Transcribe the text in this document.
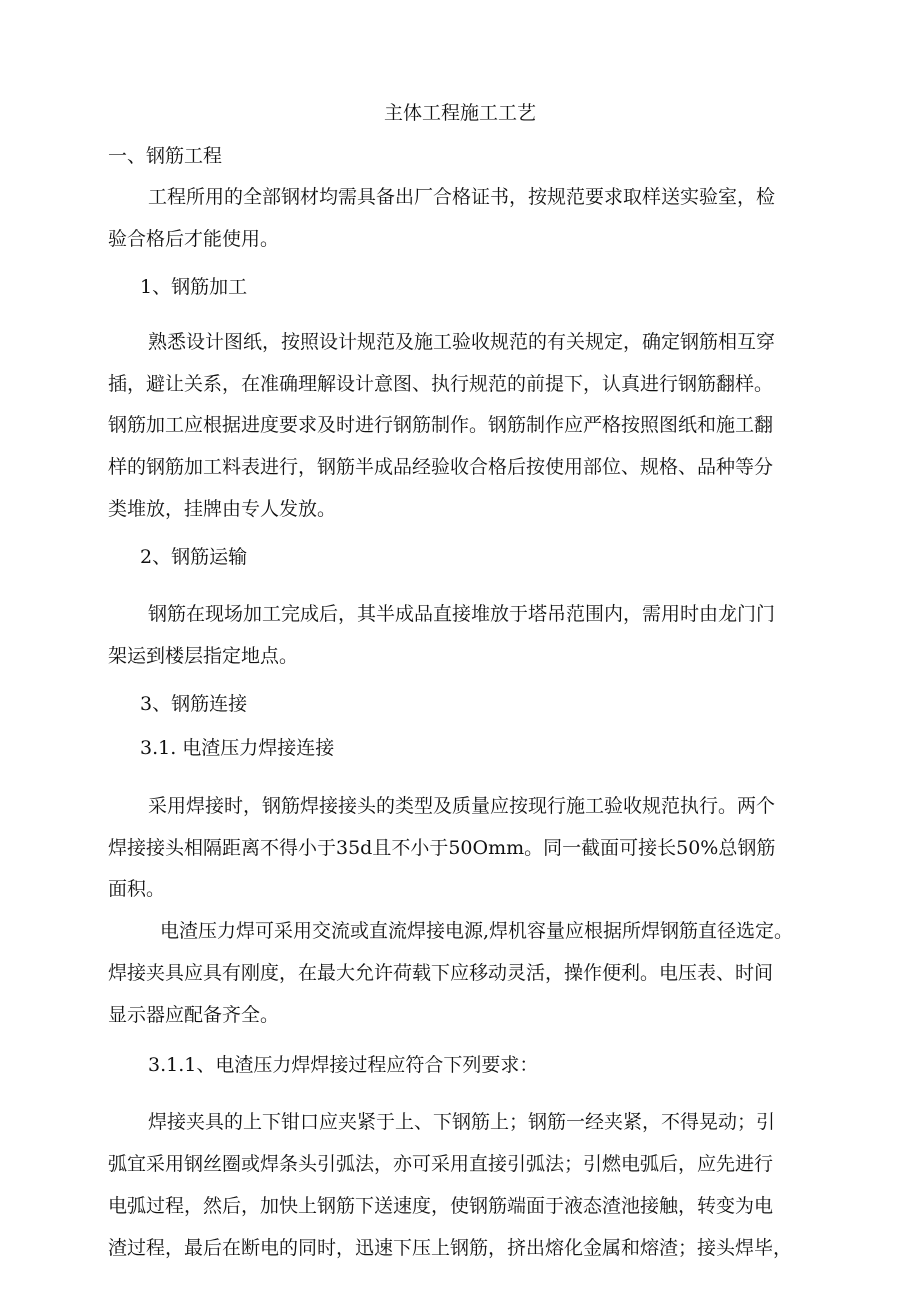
主体工程施工工艺

一、钢筋工程

工程所用的全部钢材均需具备出厂合格证书，按规范要求取样送实验室，检

验合格后才能使用。

1、钢筋加工

熟悉设计图纸，按照设计规范及施工验收规范的有关规定，确定钢筋相互穿

插，避让关系，在准确理解设计意图、执行规范的前提下，认真进行钢筋翻样。

钢筋加工应根据进度要求及时进行钢筋制作。钢筋制作应严格按照图纸和施工翻

样的钢筋加工料表进行，钢筋半成品经验收合格后按使用部位、规格、品种等分

类堆放，挂牌由专人发放。

2、钢筋运输

钢筋在现场加工完成后，其半成品直接堆放于塔吊范围内，需用时由龙门门

架运到楼层指定地点。

3、钢筋连接

3.1. 电渣压力焊接连接

采用焊接时，钢筋焊接接头的类型及质量应按现行施工验收规范执行。两个

焊接接头相隔距离不得小于35d且不小于50Omm。同一截面可接长50%总钢筋

面积。

电渣压力焊可采用交流或直流焊接电源,焊机容量应根据所焊钢筋直径选定。

焊接夹具应具有刚度，在最大允许荷载下应移动灵活，操作便利。电压表、时间

显示器应配备齐全。

3.1.1、电渣压力焊焊接过程应符合下列要求：

焊接夹具的上下钳口应夹紧于上、下钢筋上；钢筋一经夹紧，不得晃动；引

弧宜采用钢丝圈或焊条头引弧法，亦可采用直接引弧法；引燃电弧后，应先进行

电弧过程，然后，加快上钢筋下送速度，使钢筋端面于液态渣池接触，转变为电

渣过程，最后在断电的同时，迅速下压上钢筋，挤出熔化金属和熔渣；接头焊毕，
